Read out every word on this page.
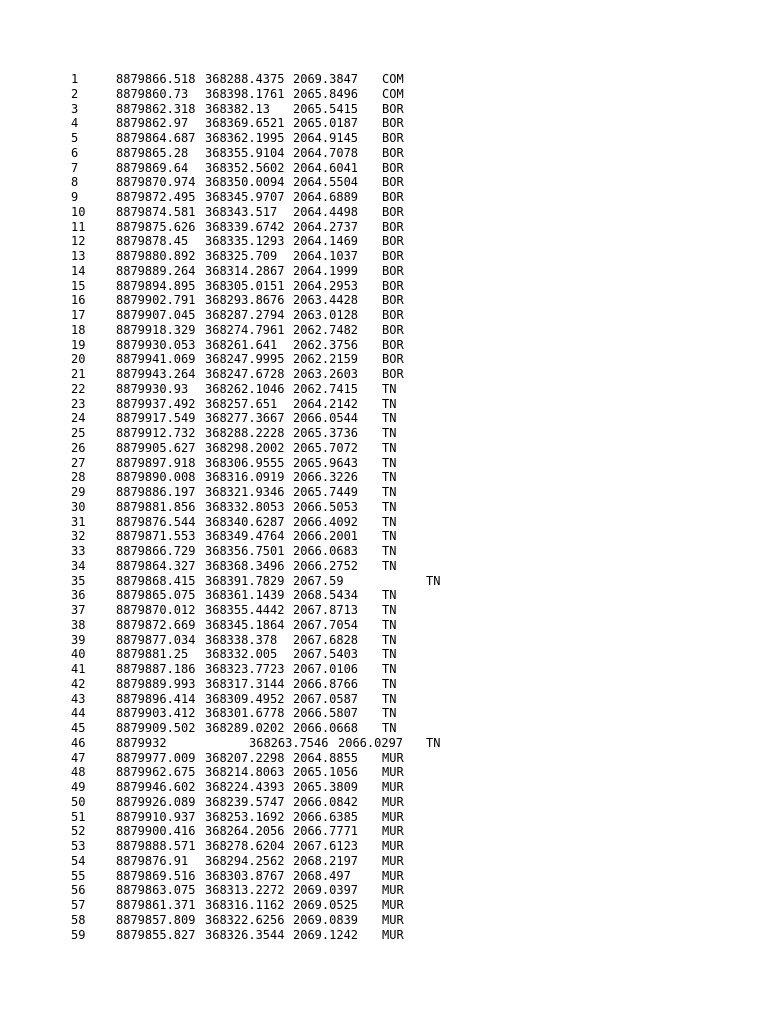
1	8879866.518 368288.4375 2069.3847 COM
2	8879860.73 368398.1761 2065.8496 COM
3	8879862.318 368382.13 2065.5415 BOR
4	8879862.97 368369.6521 2065.0187 BOR
5	8879864.687 368362.1995 2064.9145 BOR
6	8879865.28 368355.9104 2064.7078 BOR
7	8879869.64 368352.5602 2064.6041 BOR
8	8879870.974 368350.0094 2064.5504 BOR
9	8879872.495 368345.9707 2064.6889 BOR
10	8879874.581 368343.517 2064.4498 BOR
11	8879875.626 368339.6742 2064.2737 BOR
12	8879878.45 368335.1293 2064.1469 BOR
13	8879880.892 368325.709 2064.1037 BOR
14	8879889.264 368314.2867 2064.1999 BOR
15	8879894.895 368305.0151 2064.2953 BOR
16	8879902.791 368293.8676 2063.4428 BOR
17	8879907.045 368287.2794 2063.0128 BOR
18	8879918.329 368274.7961 2062.7482 BOR
19	8879930.053 368261.641 2062.3756 BOR
20	8879941.069 368247.9995 2062.2159 BOR
21	8879943.264 368247.6728 2063.2603 BOR
22	8879930.93 368262.1046 2062.7415 TN
23	8879937.492 368257.651 2064.2142 TN
24	8879917.549 368277.3667 2066.0544 TN
25	8879912.732 368288.2228 2065.3736 TN
26	8879905.627 368298.2002 2065.7072 TN
27	8879897.918 368306.9555 2065.9643 TN
28	8879890.008 368316.0919 2066.3226 TN
29	8879886.197 368321.9346 2065.7449 TN
30	8879881.856 368332.8053 2066.5053 TN
31	8879876.544 368340.6287 2066.4092 TN
32	8879871.553 368349.4764 2066.2001 TN
33	8879866.729 368356.7501 2066.0683 TN
34	8879864.327 368368.3496 2066.2752 TN
35	8879868.415 368391.7829 2067.59	TN
36	8879865.075 368361.1439 2068.5434 TN
37	8879870.012 368355.4442 2067.8713 TN
38	8879872.669 368345.1864 2067.7054 TN
39	8879877.034 368338.378 2067.6828 TN
40	8879881.25 368332.005 2067.5403 TN
41	8879887.186 368323.7723 2067.0106 TN
42	8879889.993 368317.3144 2066.8766 TN
43	8879896.414 368309.4952 2067.0587 TN
44	8879903.412 368301.6778 2066.5807 TN
45	8879909.502 368289.0202 2066.0668 TN
46	8879932	368263.7546 2066.0297 TN
47	8879977.009 368207.2298 2064.8855 MUR
48	8879962.675 368214.8063 2065.1056 MUR
49	8879946.602 368224.4393 2065.3809 MUR
50	8879926.089 368239.5747 2066.0842 MUR
51	8879910.937 368253.1692 2066.6385 MUR
52	8879900.416 368264.2056 2066.7771 MUR
53	8879888.571 368278.6204 2067.6123 MUR
54	8879876.91 368294.2562 2068.2197 MUR
55	8879869.516 368303.8767 2068.497	MUR
56	8879863.075 368313.2272 2069.0397 MUR
57	8879861.371 368316.1162 2069.0525 MUR
58	8879857.809 368322.6256 2069.0839 MUR
59	8879855.827 368326.3544 2069.1242 MUR
